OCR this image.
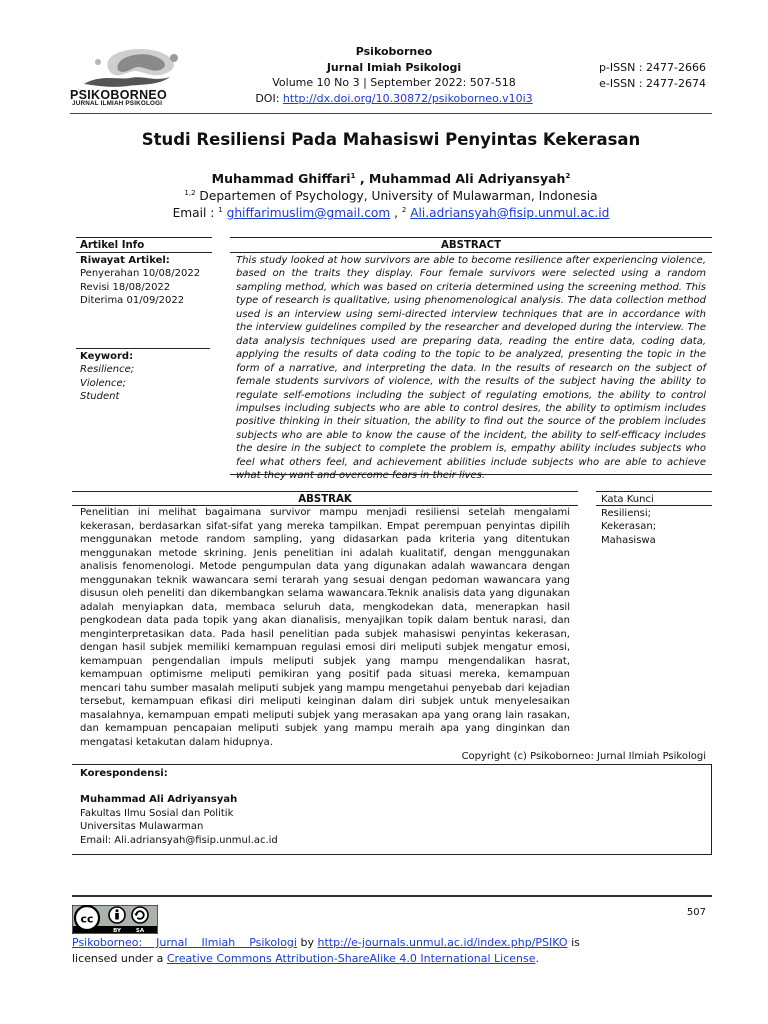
PSIKOBORNEO
JURNAL ILMIAH PSIKOLOGI
Psikoborneo
Jurnal Imiah Psikologi
Volume 10 No 3 | September 2022: 507-518
DOI: http://dx.doi.org/10.30872/psikoborneo.v10i3
p-ISSN : 2477-2666
e-ISSN : 2477-2674
Studi Resiliensi Pada Mahasiswi Penyintas Kekerasan
Muhammad Ghiffari$^1$ , Muhammad Ali Adriyansyah$^2$
$^{1,2}$ Departemen of Psychology, University of Mulawarman, Indonesia
Email : $^1$ ghiffarimuslim@gmail.com , $^2$ Ali.adriansyah@fisip.unmul.ac.id
Artikel Info	ABSTRACT
Riwayat Artikel:
Penyerahan 10/08/2022
Revisi 18/08/2022
Diterima 01/09/2022
Keyword:
Resilience;
Violence;
Student
This study looked at how survivors are able to become resilience after experiencing violence, based on the traits they display. Four female survivors were selected using a random sampling method, which was based on criteria determined using the screening method. This type of research is qualitative, using phenomenological analysis. The data collection method used is an interview using semi-directed interview techniques that are in accordance with the interview guidelines compiled by the researcher and developed during the interview. The data analysis techniques used are preparing data, reading the entire data, coding data, applying the results of data coding to the topic to be analyzed, presenting the topic in the form of a narrative, and interpreting the data. In the results of research on the subject of female students survivors of violence, with the results of the subject having the ability to regulate self-emotions including the subject of regulating emotions, the ability to control impulses including subjects who are able to control desires, the ability to optimism includes positive thinking in their situation, the ability to find out the source of the problem includes subjects who are able to know the cause of the incident, the ability to self-efficacy includes the desire in the subject to complete the problem is, empathy ability includes subjects who feel what others feel, and achievement abilities include subjects who are able to achieve what they want and overcome fears in their lives.
ABSTRAK	Kata Kunci
Penelitian ini melihat bagaimana survivor mampu menjadi resiliensi setelah mengalami kekerasan, berdasarkan sifat-sifat yang mereka tampilkan. Empat perempuan penyintas dipilih menggunakan metode random sampling, yang didasarkan pada kriteria yang ditentukan menggunakan metode skrining. Jenis penelitian ini adalah kualitatif, dengan menggunakan analisis fenomenologi. Metode pengumpulan data yang digunakan adalah wawancara dengan menggunakan teknik wawancara semi terarah yang sesuai dengan pedoman wawancara yang disusun oleh peneliti dan dikembangkan selama wawancara.Teknik analisis data yang digunakan adalah menyiapkan data, membaca seluruh data, mengkodekan data, menerapkan hasil pengkodean data pada topik yang akan dianalisis, menyajikan topik dalam bentuk narasi, dan menginterpretasikan data. Pada hasil penelitian pada subjek mahasiswi penyintas kekerasan, dengan hasil subjek memiliki kemampuan regulasi emosi diri meliputi subjek mengatur emosi, kemampuan pengendalian impuls meliputi subjek yang mampu mengendalikan hasrat, kemampuan optimisme meliputi pemikiran yang positif pada situasi mereka, kemampuan mencari tahu sumber masalah meliputi subjek yang mampu mengetahui penyebab dari kejadian tersebut, kemampuan efikasi diri meliputi keinginan dalam diri subjek untuk menyelesaikan masalahnya, kemampuan empati meliputi subjek yang merasakan apa yang orang lain rasakan, dan kemampuan pencapaian meliputi subjek yang mampu meraih apa yang dinginkan dan mengatasi ketakutan dalam hidupnya.
Resiliensi;
Kekerasan;
Mahasiswa
Copyright (c) Psikoborneo: Jurnal Ilmiah Psikologi
Korespondensi:
Muhammad Ali Adriyansyah
Fakultas Ilmu Sosial dan Politik
Universitas Mulawarman
Email: Ali.adriansyah@fisip.unmul.ac.id
cc
BY	SA
507
Psikoborneo:    Jurnal    Ilmiah    Psikologi by http://e-journals.unmul.ac.id/index.php/PSIKO is
licensed under a Creative Commons Attribution-ShareAlike 4.0 International License.
